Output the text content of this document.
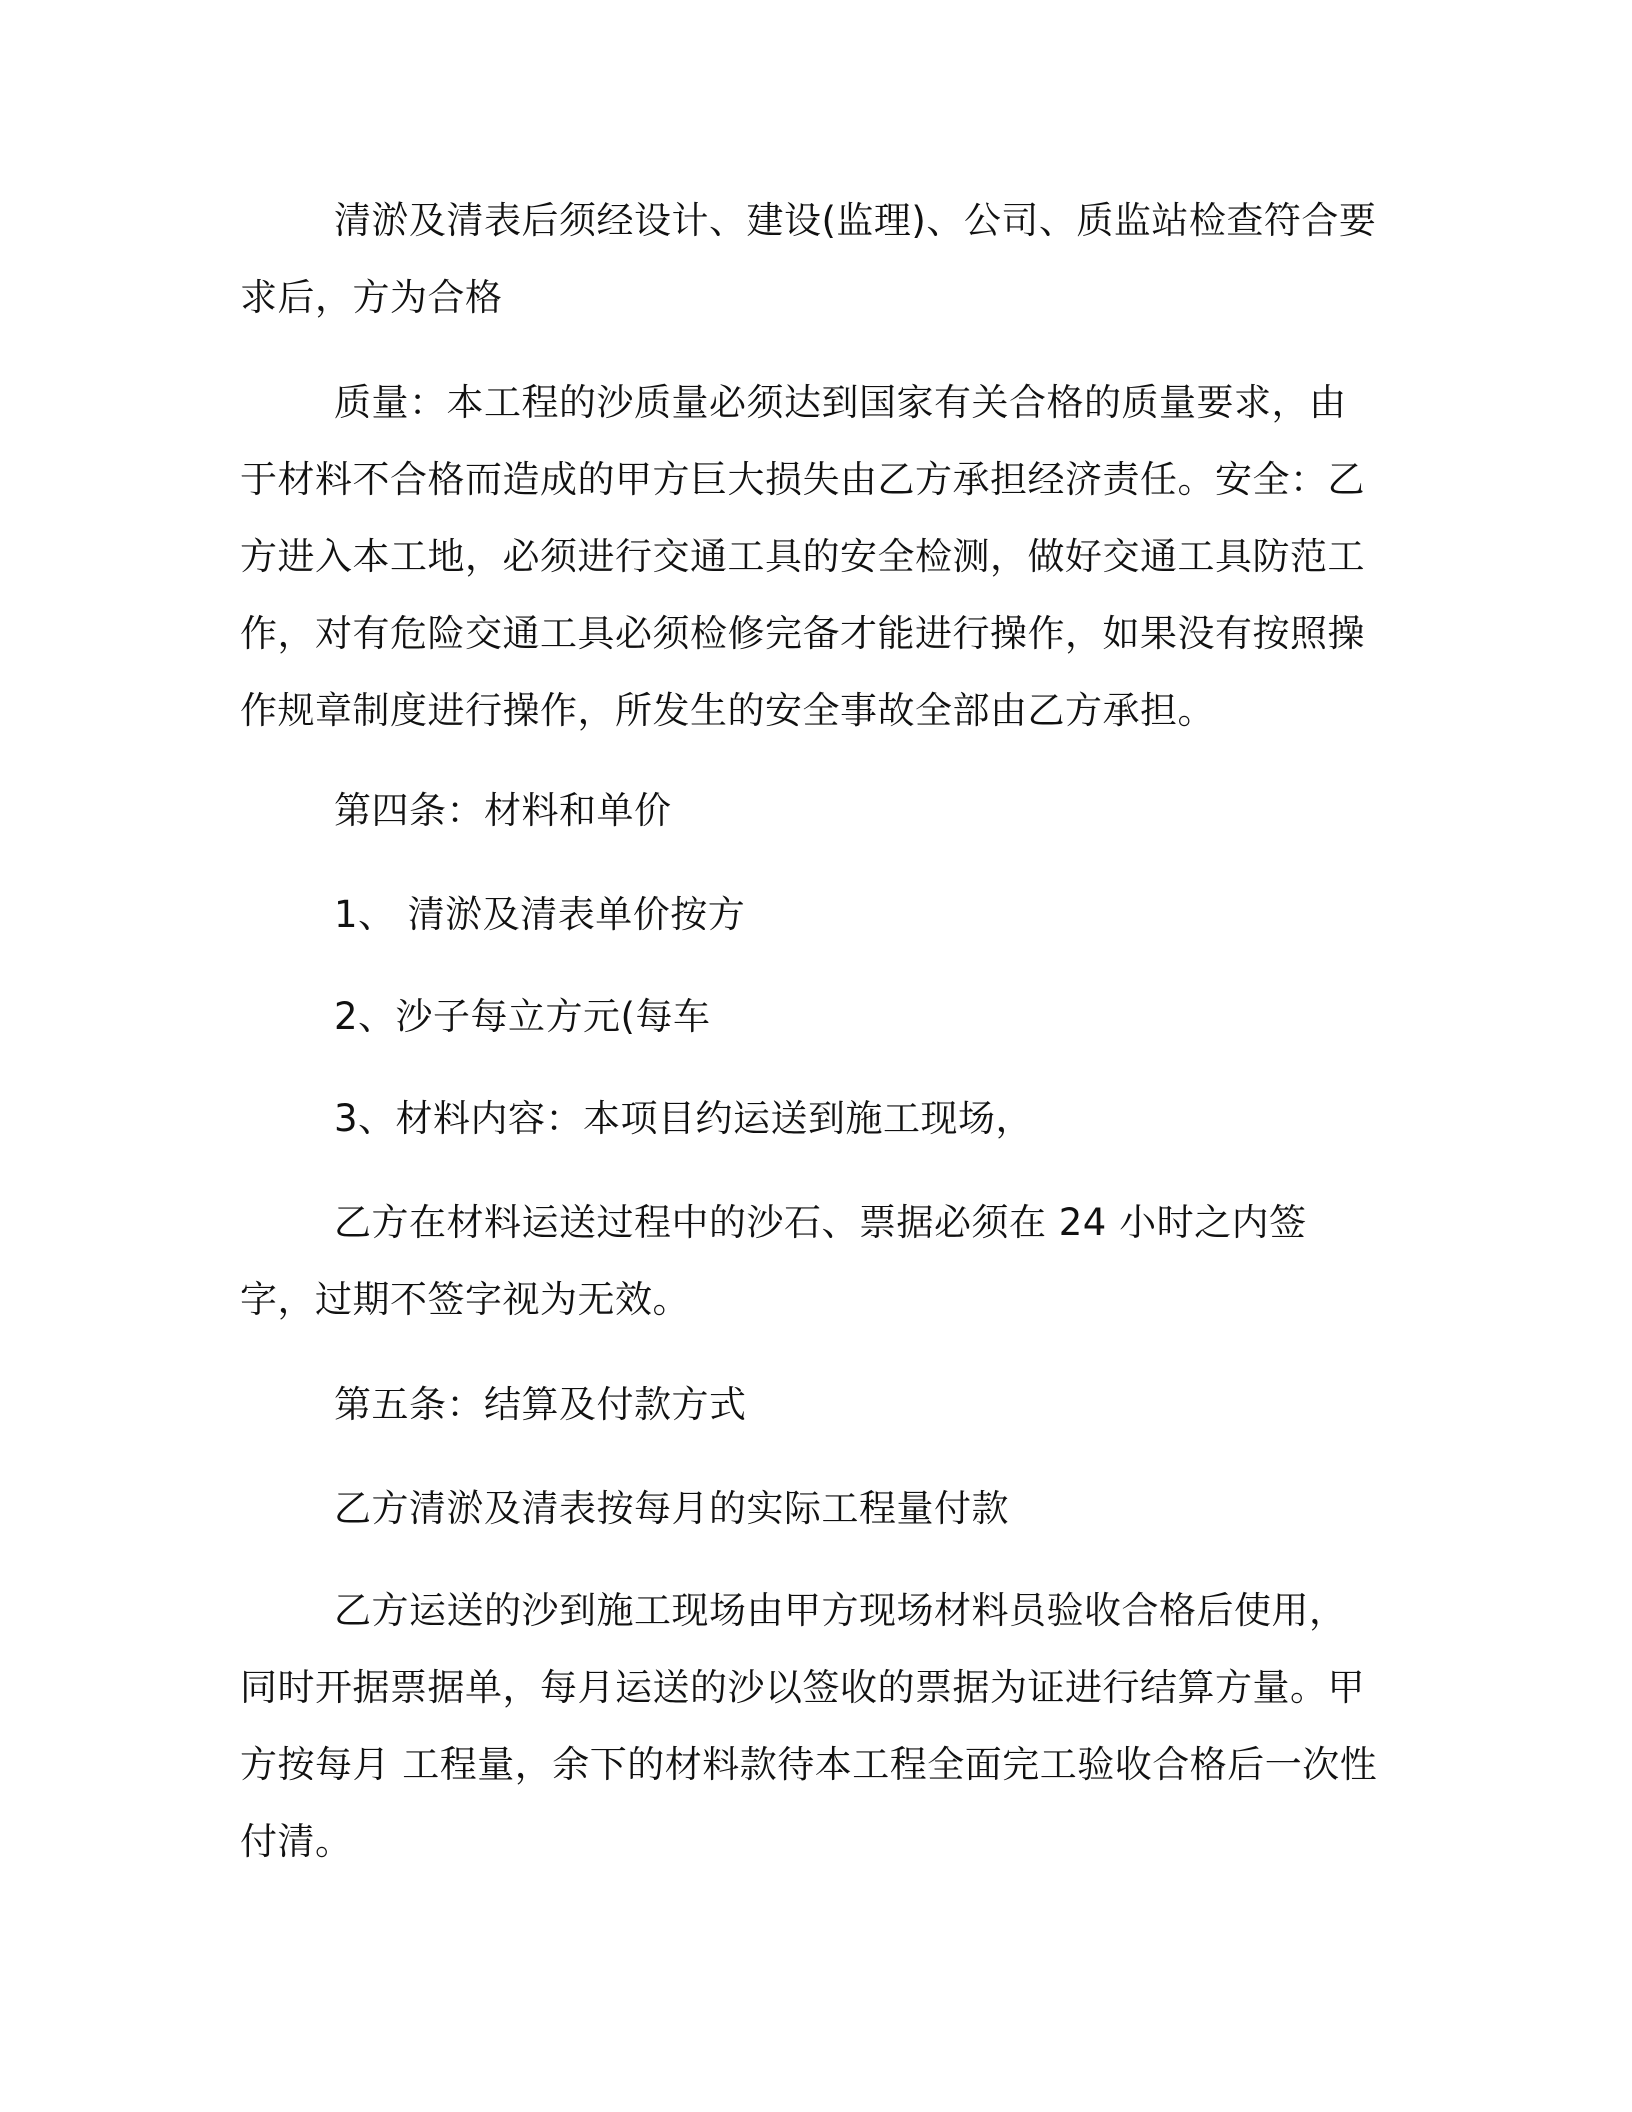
清淤及清表后须经设计、建设(监理)、公司、质监站检查符合要求后，方为合格

质量：本工程的沙质量必须达到国家有关合格的质量要求，由于材料不合格而造成的甲方巨大损失由乙方承担经济责任。安全：乙方进入本工地，必须进行交通工具的安全检测，做好交通工具防范工作，对有危险交通工具必须检修完备才能进行操作，如果没有按照操作规章制度进行操作，所发生的安全事故全部由乙方承担。

第四条：材料和单价

1、 清淤及清表单价按方

2、沙子每立方元(每车

3、材料内容：本项目约运送到施工现场，

乙方在材料运送过程中的沙石、票据必须在 24 小时之内签字，过期不签字视为无效。

第五条：结算及付款方式

乙方清淤及清表按每月的实际工程量付款

乙方运送的沙到施工现场由甲方现场材料员验收合格后使用，同时开据票据单，每月运送的沙以签收的票据为证进行结算方量。甲方按每月 工程量，余下的材料款待本工程全面完工验收合格后一次性付清。
